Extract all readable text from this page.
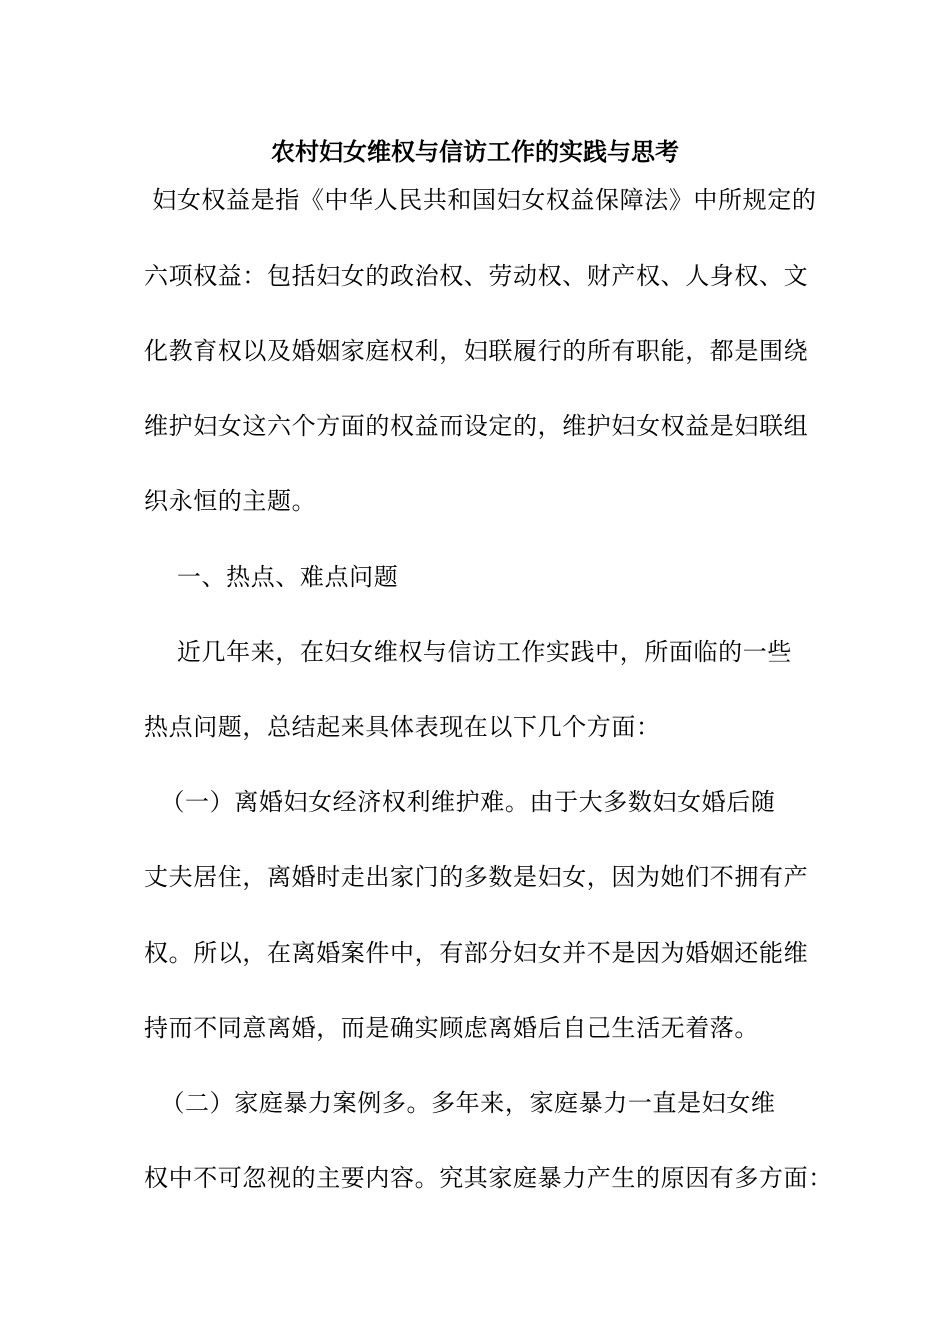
农村妇女维权与信访工作的实践与思考
妇女权益是指《中华人民共和国妇女权益保障法》中所规定的
六项权益：包括妇女的政治权、劳动权、财产权、人身权、文
化教育权以及婚姻家庭权利，妇联履行的所有职能，都是围绕
维护妇女这六个方面的权益而设定的，维护妇女权益是妇联组
织永恒的主题。
一、热点、难点问题
近几年来，在妇女维权与信访工作实践中，所面临的一些
热点问题，总结起来具体表现在以下几个方面：
（一）离婚妇女经济权利维护难。由于大多数妇女婚后随
丈夫居住，离婚时走出家门的多数是妇女，因为她们不拥有产
权。所以，在离婚案件中，有部分妇女并不是因为婚姻还能维
持而不同意离婚，而是确实顾虑离婚后自己生活无着落。
（二）家庭暴力案例多。多年来，家庭暴力一直是妇女维
权中不可忽视的主要内容。究其家庭暴力产生的原因有多方面：
